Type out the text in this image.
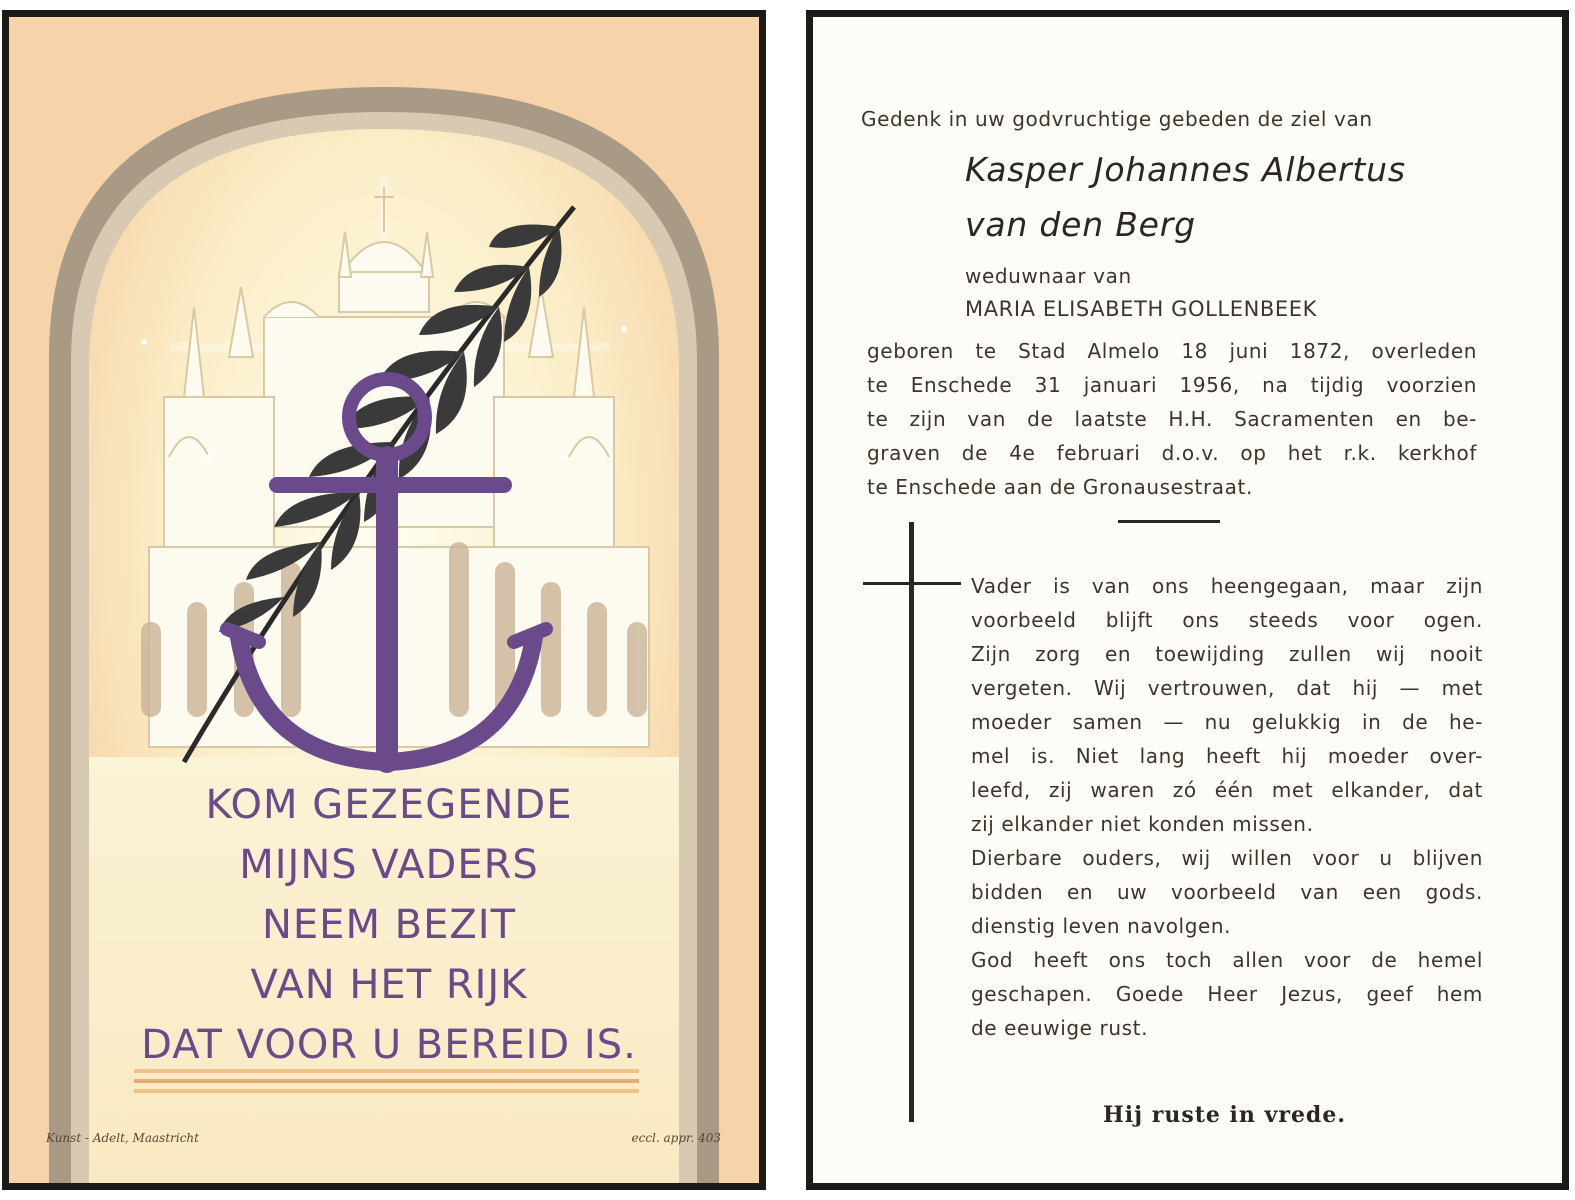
KOM GEZEGENDE
MIJNS VADERS
NEEM BEZIT
VAN HET RIJK
DAT VOOR U BEREID IS.
Kunst - Adelt, Maastricht	eccl. appr. 403
Gedenk in uw godvruchtige gebeden de ziel van
Kasper Johannes Albertus
van den Berg
weduwnaar van
MARIA ELISABETH GOLLENBEEK
geboren te Stad Almelo 18 juni 1872, overleden
te Enschede 31 januari 1956, na tijdig voorzien
te zijn van de laatste H.H. Sacramenten en be-
graven de 4e februari d.o.v. op het r.k. kerkhof
te Enschede aan de Gronausestraat.
Vader is van ons heengegaan, maar zijn
voorbeeld blijft ons steeds voor ogen.
Zijn zorg en toewijding zullen wij nooit
vergeten. Wij vertrouwen, dat hij — met
moeder samen — nu gelukkig in de he-
mel is. Niet lang heeft hij moeder over-
leefd, zij waren zó één met elkander, dat
zij elkander niet konden missen.
Dierbare ouders, wij willen voor u blijven
bidden en uw voorbeeld van een gods.
dienstig leven navolgen.
God heeft ons toch allen voor de hemel
geschapen. Goede Heer Jezus, geef hem
de eeuwige rust.
Hij ruste in vrede.
